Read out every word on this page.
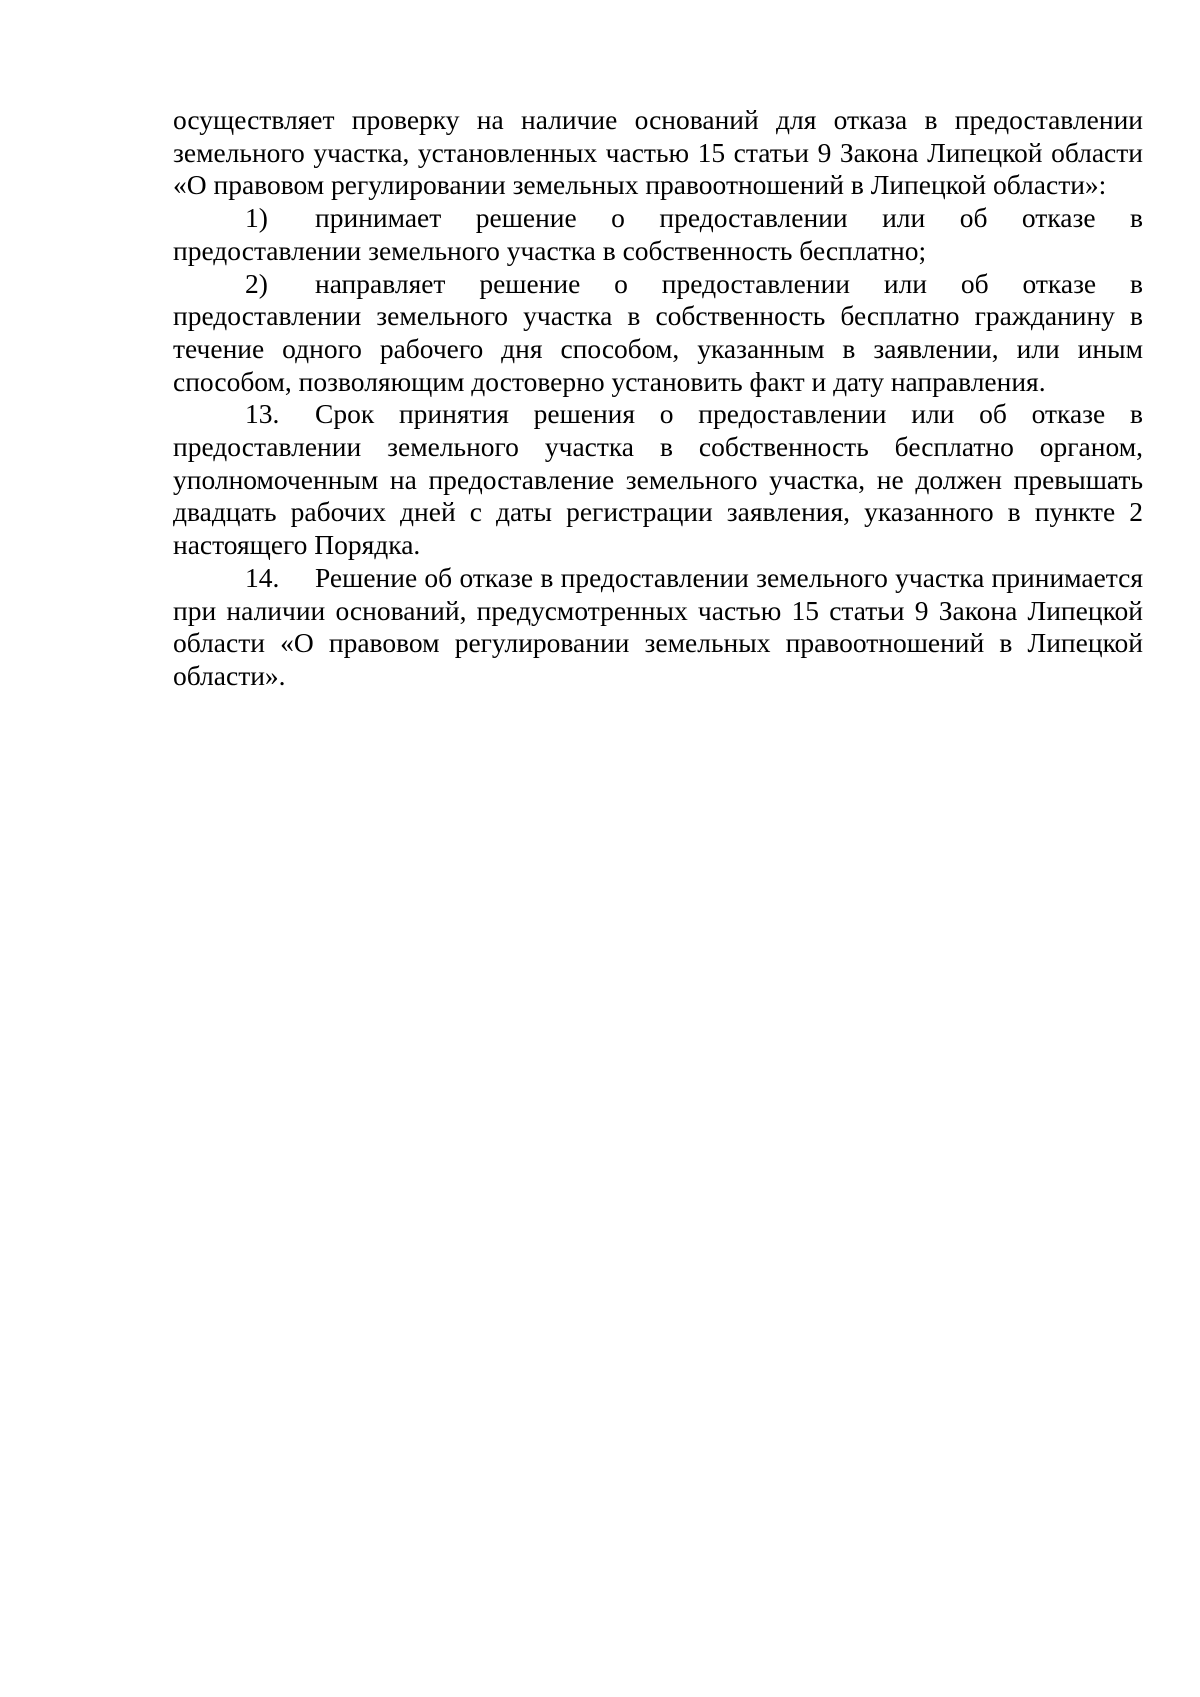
осуществляет проверку на наличие оснований для отказа в предоставлении земельного участка, установленных частью 15 статьи 9 Закона Липецкой области «О правовом регулировании земельных правоотношений в Липецкой области»:

1) принимает решение о предоставлении или об отказе в предоставлении земельного участка в собственность бесплатно;

2) направляет решение о предоставлении или об отказе в предоставлении земельного участка в собственность бесплатно гражданину в течение одного рабочего дня способом, указанным в заявлении, или иным способом, позволяющим достоверно установить факт и дату направления.

13. Срок принятия решения о предоставлении или об отказе в предоставлении земельного участка в собственность бесплатно органом, уполномоченным на предоставление земельного участка, не должен превышать двадцать рабочих дней с даты регистрации заявления, указанного в пункте 2 настоящего Порядка.

14. Решение об отказе в предоставлении земельного участка принимается при наличии оснований, предусмотренных частью 15 статьи 9 Закона Липецкой области «О правовом регулировании земельных правоотношений в Липецкой области».
